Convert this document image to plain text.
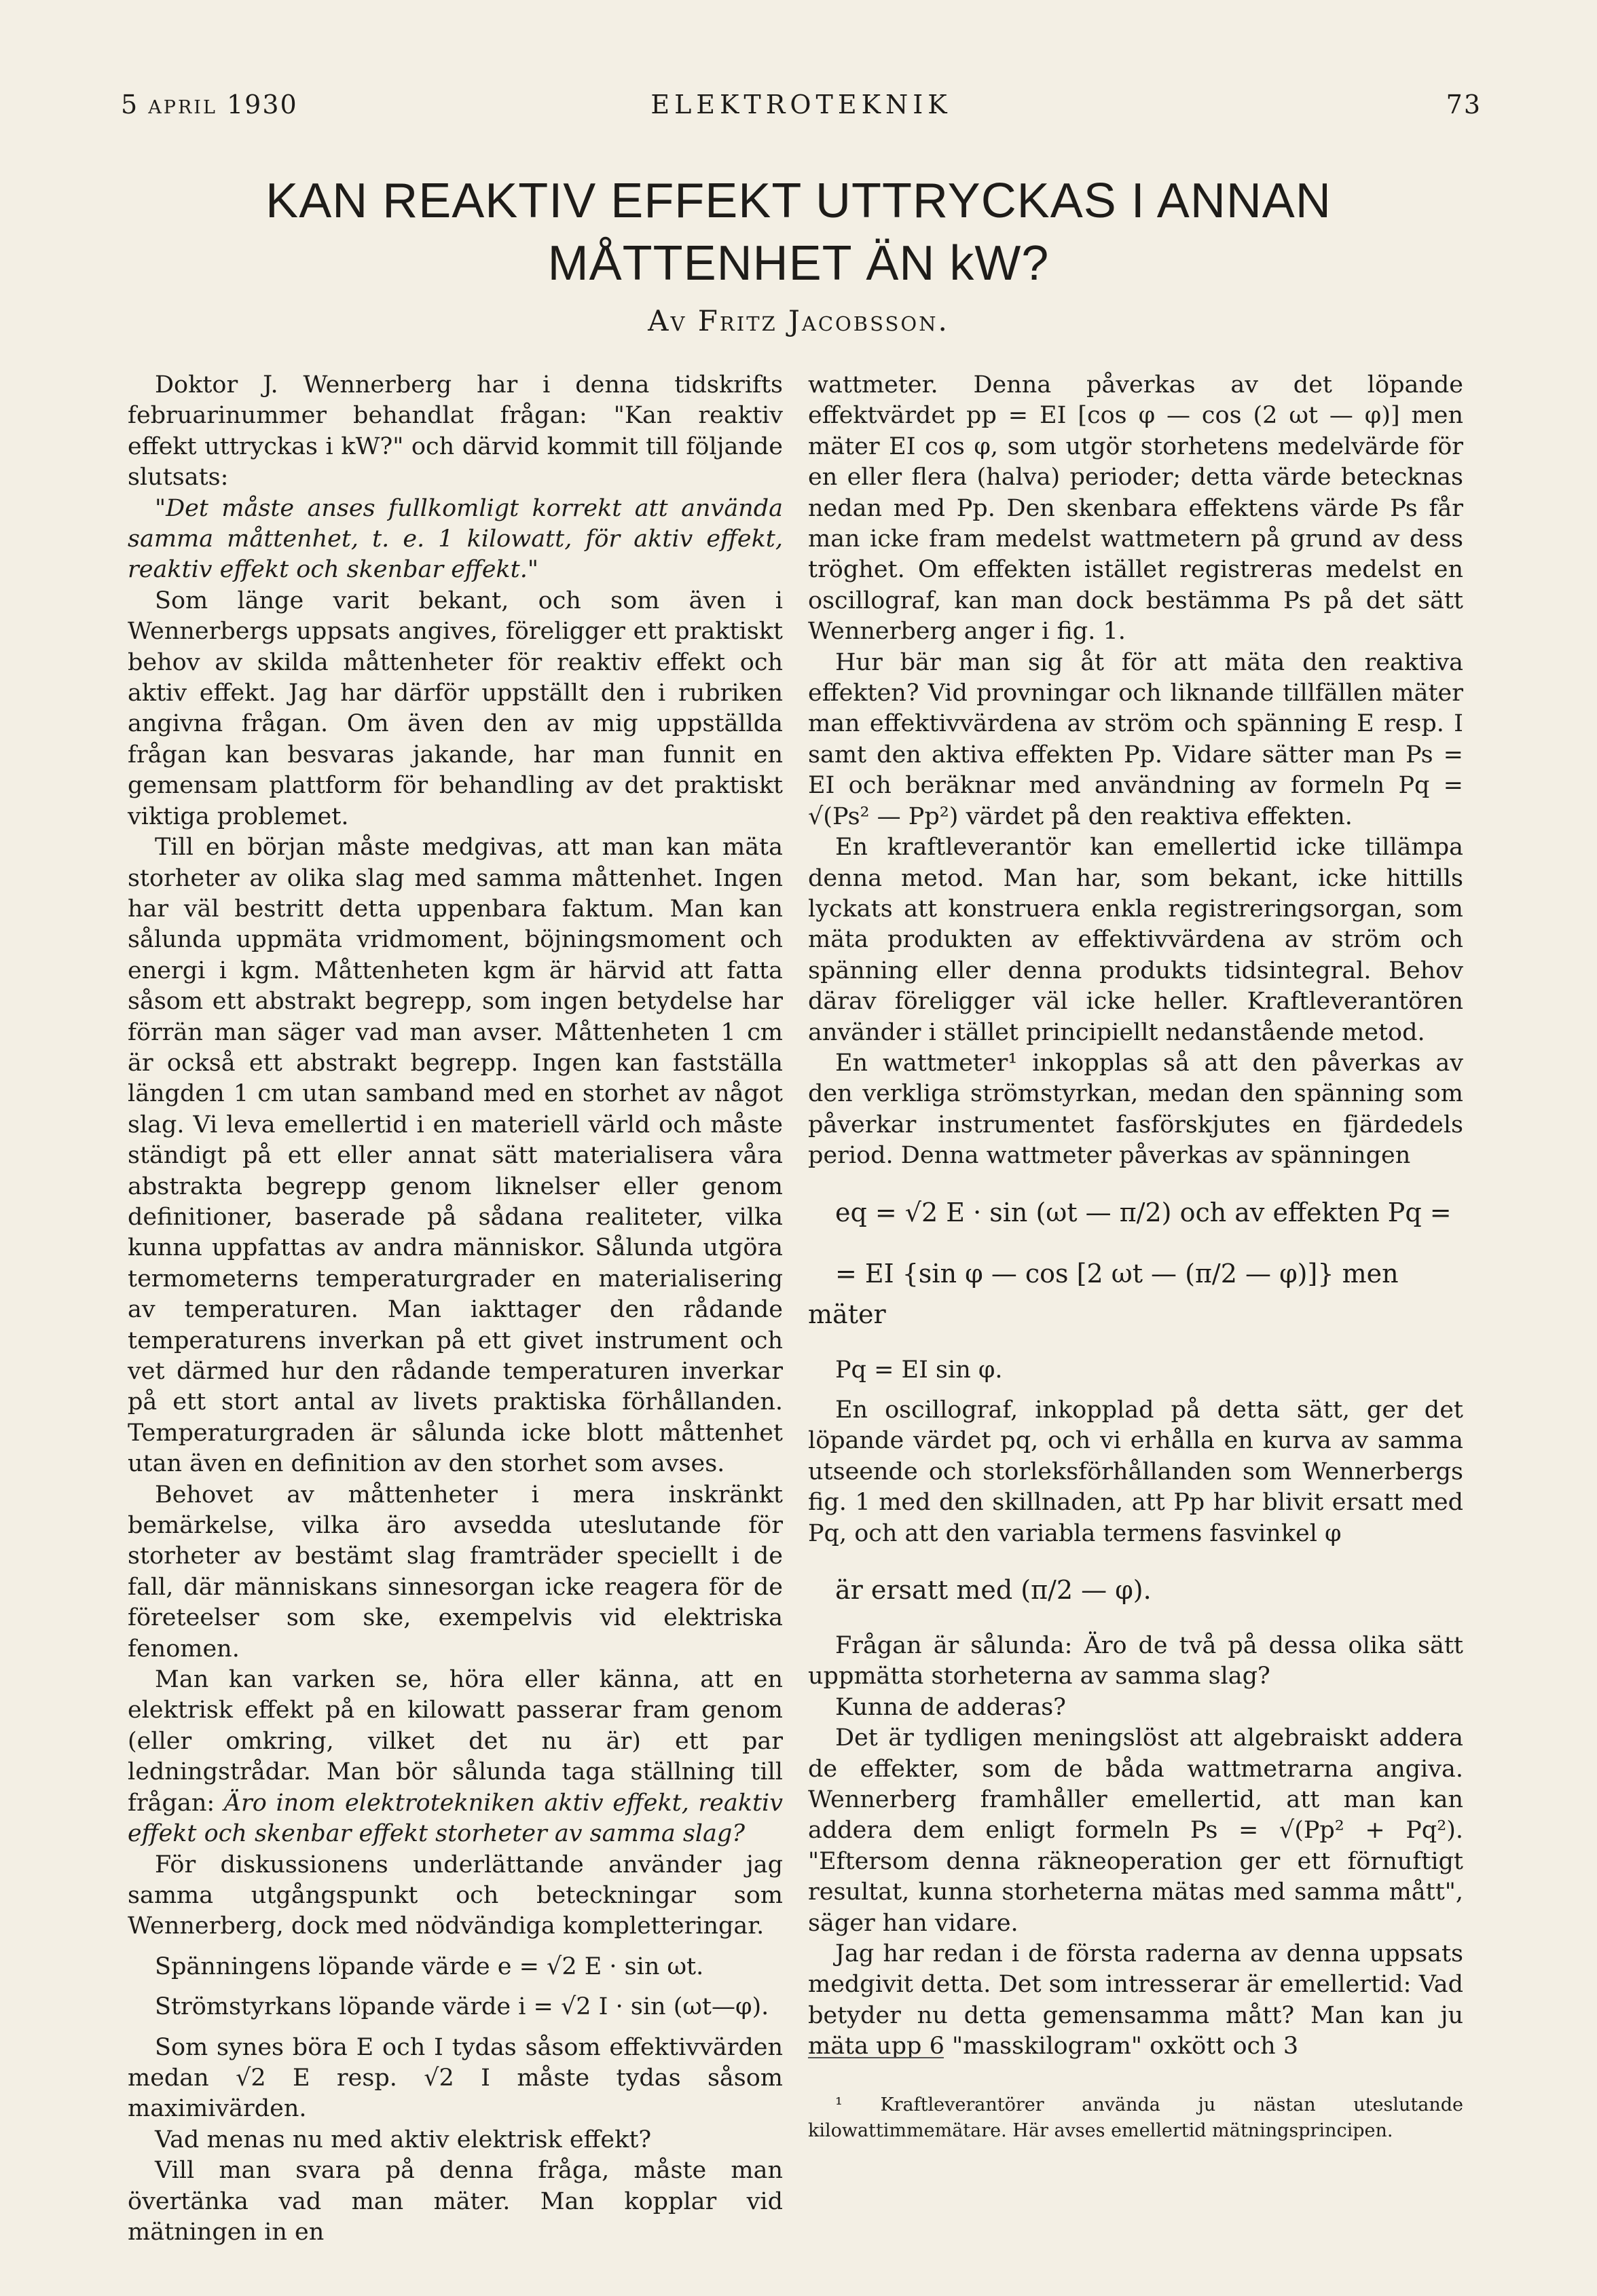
5 april 1930	ELEKTROTEKNIK	73
KAN REAKTIV EFFEKT UTTRYCKAS I ANNAN
MÅTTENHET ÄN kW?
Av Fritz Jacobsson.

Doktor J. Wennerberg har i denna tidskrifts februarinummer behandlat frågan: "Kan reaktiv effekt uttryckas i kW?" och därvid kommit till följande slutsats:

"Det måste anses fullkomligt korrekt att använda samma måttenhet, t. e. 1 kilowatt, för aktiv effekt, reaktiv effekt och skenbar effekt."

Som länge varit bekant, och som även i Wennerbergs uppsats angives, föreligger ett praktiskt behov av skilda måttenheter för reaktiv effekt och aktiv effekt. Jag har därför uppställt den i rubriken angivna frågan. Om även den av mig uppställda frågan kan besvaras jakande, har man funnit en gemensam plattform för behandling av det praktiskt viktiga problemet.

Till en början måste medgivas, att man kan mäta storheter av olika slag med samma måttenhet. Ingen har väl bestritt detta uppenbara faktum. Man kan sålunda uppmäta vridmoment, böjningsmoment och energi i kgm. Måttenheten kgm är härvid att fatta såsom ett abstrakt begrepp, som ingen betydelse har förrän man säger vad man avser. Måttenheten 1 cm är också ett abstrakt begrepp. Ingen kan fastställa längden 1 cm utan samband med en storhet av något slag. Vi leva emellertid i en materiell värld och måste ständigt på ett eller annat sätt materialisera våra abstrakta begrepp genom liknelser eller genom definitioner, baserade på sådana realiteter, vilka kunna uppfattas av andra människor. Sålunda utgöra termometerns temperaturgrader en materialisering av temperaturen. Man iakttager den rådande temperaturens inverkan på ett givet instrument och vet därmed hur den rådande temperaturen inverkar på ett stort antal av livets praktiska förhållanden. Temperaturgraden är sålunda icke blott måttenhet utan även en definition av den storhet som avses.

Behovet av måttenheter i mera inskränkt bemärkelse, vilka äro avsedda uteslutande för storheter av bestämt slag framträder speciellt i de fall, där människans sinnesorgan icke reagera för de företeelser som ske, exempelvis vid elektriska fenomen.

Man kan varken se, höra eller känna, att en elektrisk effekt på en kilowatt passerar fram genom (eller omkring, vilket det nu är) ett par ledningstrådar. Man bör sålunda taga ställning till frågan: Äro inom elektrotekniken aktiv effekt, reaktiv effekt och skenbar effekt storheter av samma slag?

För diskussionens underlättande använder jag samma utgångspunkt och beteckningar som Wennerberg, dock med nödvändiga kompletteringar.

Spänningens löpande värde e = √2 E · sin ωt.

Strömstyrkans löpande värde i = √2 I · sin (ωt—φ).

Som synes böra E och I tydas såsom effektivvärden medan √2 E resp. √2 I måste tydas såsom maximivärden.

Vad menas nu med aktiv elektrisk effekt?

Vill man svara på denna fråga, måste man övertänka vad man mäter. Man kopplar vid mätningen in en

wattmeter. Denna påverkas av det löpande effektvärdet pp = EI [cos φ — cos (2 ωt — φ)] men mäter EI cos φ, som utgör storhetens medelvärde för en eller flera (halva) perioder; detta värde betecknas nedan med Pp. Den skenbara effektens värde Ps får man icke fram medelst wattmetern på grund av dess tröghet. Om effekten istället registreras medelst en oscillograf, kan man dock bestämma Ps på det sätt Wennerberg anger i fig. 1.

Hur bär man sig åt för att mäta den reaktiva effekten? Vid provningar och liknande tillfällen mäter man effektivvärdena av ström och spänning E resp. I samt den aktiva effekten Pp. Vidare sätter man Ps = EI och beräknar med användning av formeln Pq = √(Ps² — Pp²) värdet på den reaktiva effekten.

En kraftleverantör kan emellertid icke tillämpa denna metod. Man har, som bekant, icke hittills lyckats att konstruera enkla registreringsorgan, som mäta produkten av effektivvärdena av ström och spänning eller denna produkts tidsintegral. Behov därav föreligger väl icke heller. Kraftleverantören använder i stället principiellt nedanstående metod.

En wattmeter¹ inkopplas så att den påverkas av den verkliga strömstyrkan, medan den spänning som påverkar instrumentet fasförskjutes en fjärdedels period. Denna wattmeter påverkas av spänningen

eq = √2 E · sin (ωt — π/2) och av effekten Pq =

= EI {sin φ — cos [2 ωt — (π/2 — φ)]} men mäter

Pq = EI sin φ.

En oscillograf, inkopplad på detta sätt, ger det löpande värdet pq, och vi erhålla en kurva av samma utseende och storleksförhållanden som Wennerbergs fig. 1 med den skillnaden, att Pp har blivit ersatt med Pq, och att den variabla termens fasvinkel φ

är ersatt med (π/2 — φ).

Frågan är sålunda: Äro de två på dessa olika sätt uppmätta storheterna av samma slag?

Kunna de adderas?

Det är tydligen meningslöst att algebraiskt addera de effekter, som de båda wattmetrarna angiva. Wennerberg framhåller emellertid, att man kan addera dem enligt formeln Ps = √(Pp² + Pq²). "Eftersom denna räkneoperation ger ett förnuftigt resultat, kunna storheterna mätas med samma mått", säger han vidare.

Jag har redan i de första raderna av denna uppsats medgivit detta. Det som intresserar är emellertid: Vad betyder nu detta gemensamma mått? Man kan ju mäta upp 6 "masskilogram" oxkött och 3

¹ Kraftleverantörer använda ju nästan uteslutande kilowattimmemätare. Här avses emellertid mätningsprincipen.
